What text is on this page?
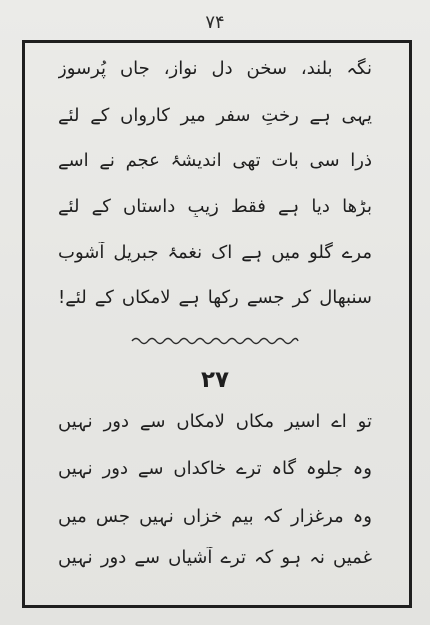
۷۴
نگہ بلند، سخن دل نواز، جاں پُرسوز
یہی ہے رختِ سفر میرِ کارواں کے لئے
ذرا سی بات تھی اندیشۂ عجم نے اسے
بڑھا دیا ہے فقط زیبِ داستاں کے لئے
مرے گلو میں ہے اک نغمۂ جبریل آشوب
سنبھال کر جسے رکھا ہے لامکاں کے لئے!
۲۷
تو اے اسیرِ مکاں لامکاں سے دور نہیں
وہ جلوہ گاہ ترے خاکداں سے دور نہیں
وہ مرغزار کہ بیمِ خزاں نہیں جس میں
غمیں نہ ہو کہ ترے آشیاں سے دور نہیں
